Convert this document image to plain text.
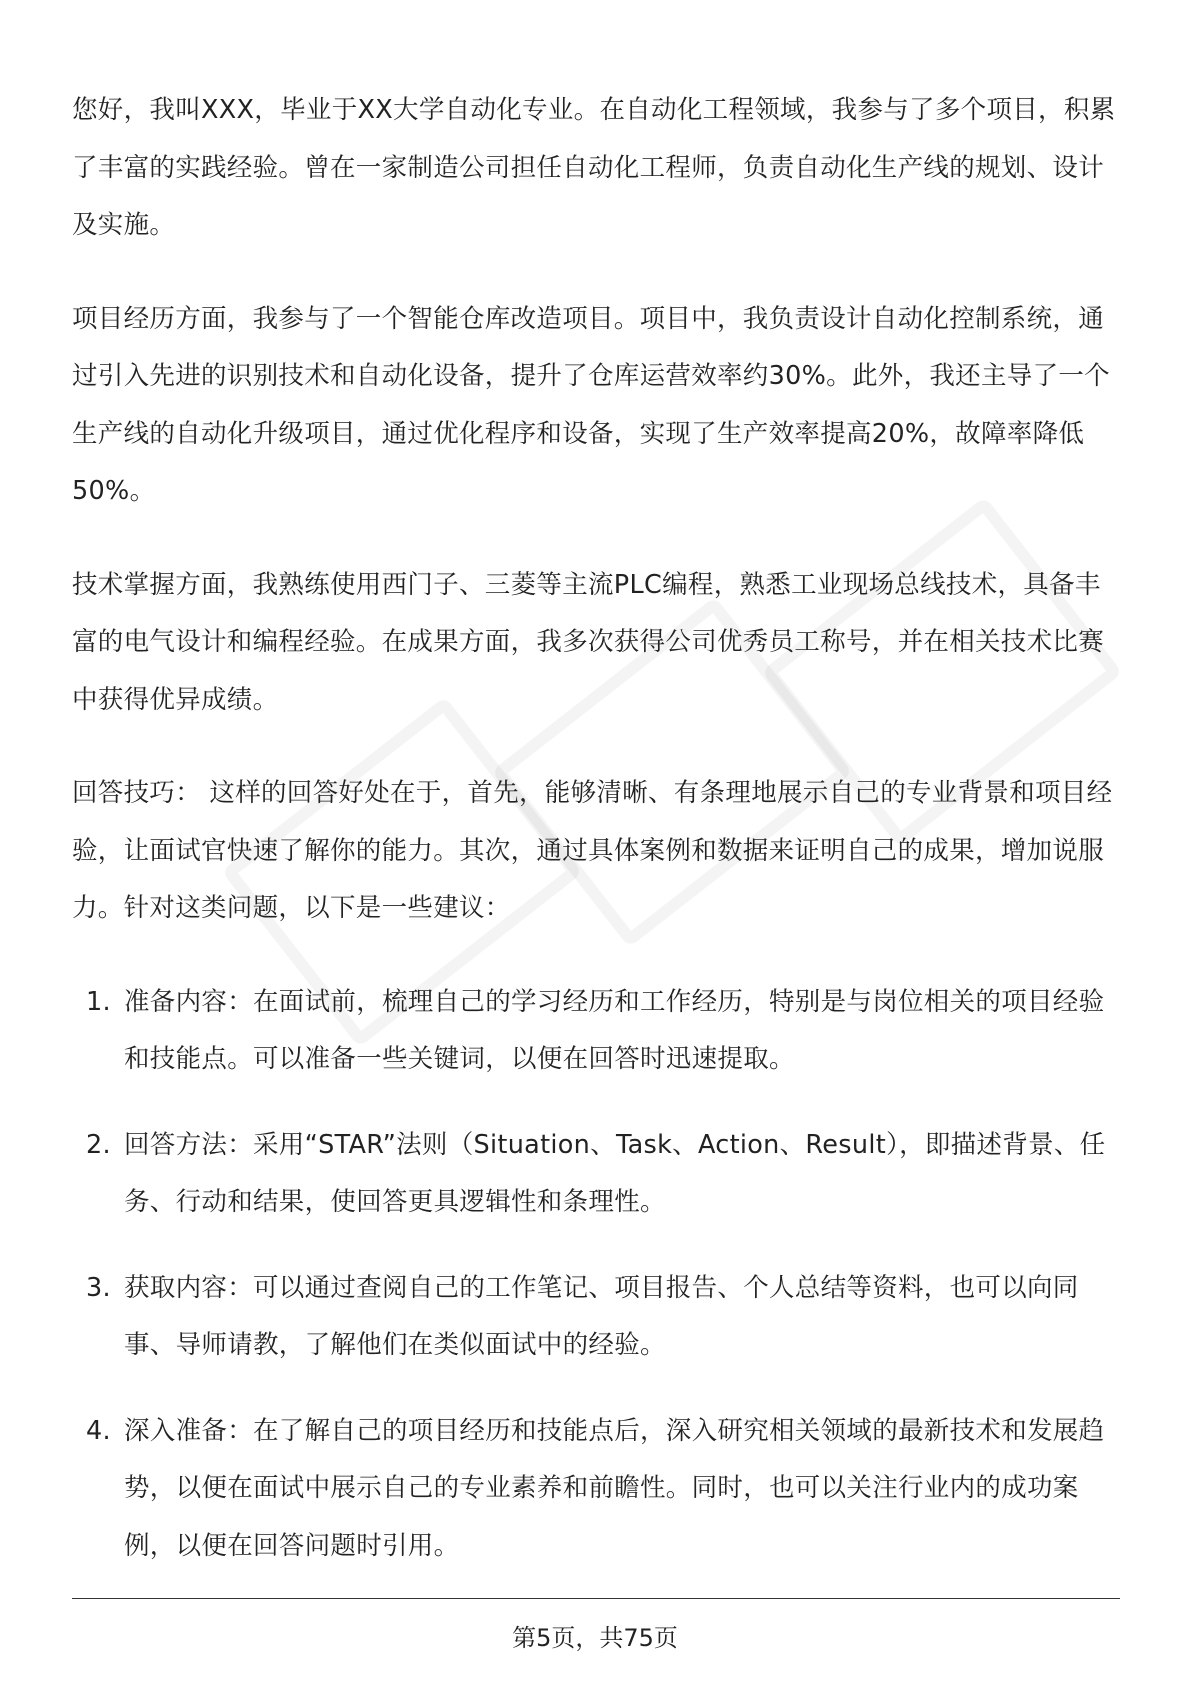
您好，我叫XXX，毕业于XX大学自动化专业。在自动化工程领域，我参与了多个项目，积累了丰富的实践经验。曾在一家制造公司担任自动化工程师，负责自动化生产线的规划、设计及实施。

项目经历方面，我参与了一个智能仓库改造项目。项目中，我负责设计自动化控制系统，通过引入先进的识别技术和自动化设备，提升了仓库运营效率约30%。此外，我还主导了一个生产线的自动化升级项目，通过优化程序和设备，实现了生产效率提高20%，故障率降低50%。

技术掌握方面，我熟练使用西门子、三菱等主流PLC编程，熟悉工业现场总线技术，具备丰富的电气设计和编程经验。在成果方面，我多次获得公司优秀员工称号，并在相关技术比赛中获得优异成绩。

回答技巧： 这样的回答好处在于，首先，能够清晰、有条理地展示自己的专业背景和项目经验，让面试官快速了解你的能力。其次，通过具体案例和数据来证明自己的成果，增加说服力。针对这类问题，以下是一些建议：

1. 准备内容：在面试前，梳理自己的学习经历和工作经历，特别是与岗位相关的项目经验和技能点。可以准备一些关键词，以便在回答时迅速提取。
2. 回答方法：采用“STAR”法则（Situation、Task、Action、Result），即描述背景、任务、行动和结果，使回答更具逻辑性和条理性。
3. 获取内容：可以通过查阅自己的工作笔记、项目报告、个人总结等资料，也可以向同事、导师请教，了解他们在类似面试中的经验。
4. 深入准备：在了解自己的项目经历和技能点后，深入研究相关领域的最新技术和发展趋势，以便在面试中展示自己的专业素养和前瞻性。同时，也可以关注行业内的成功案例，以便在回答问题时引用。
第5页，共75页
